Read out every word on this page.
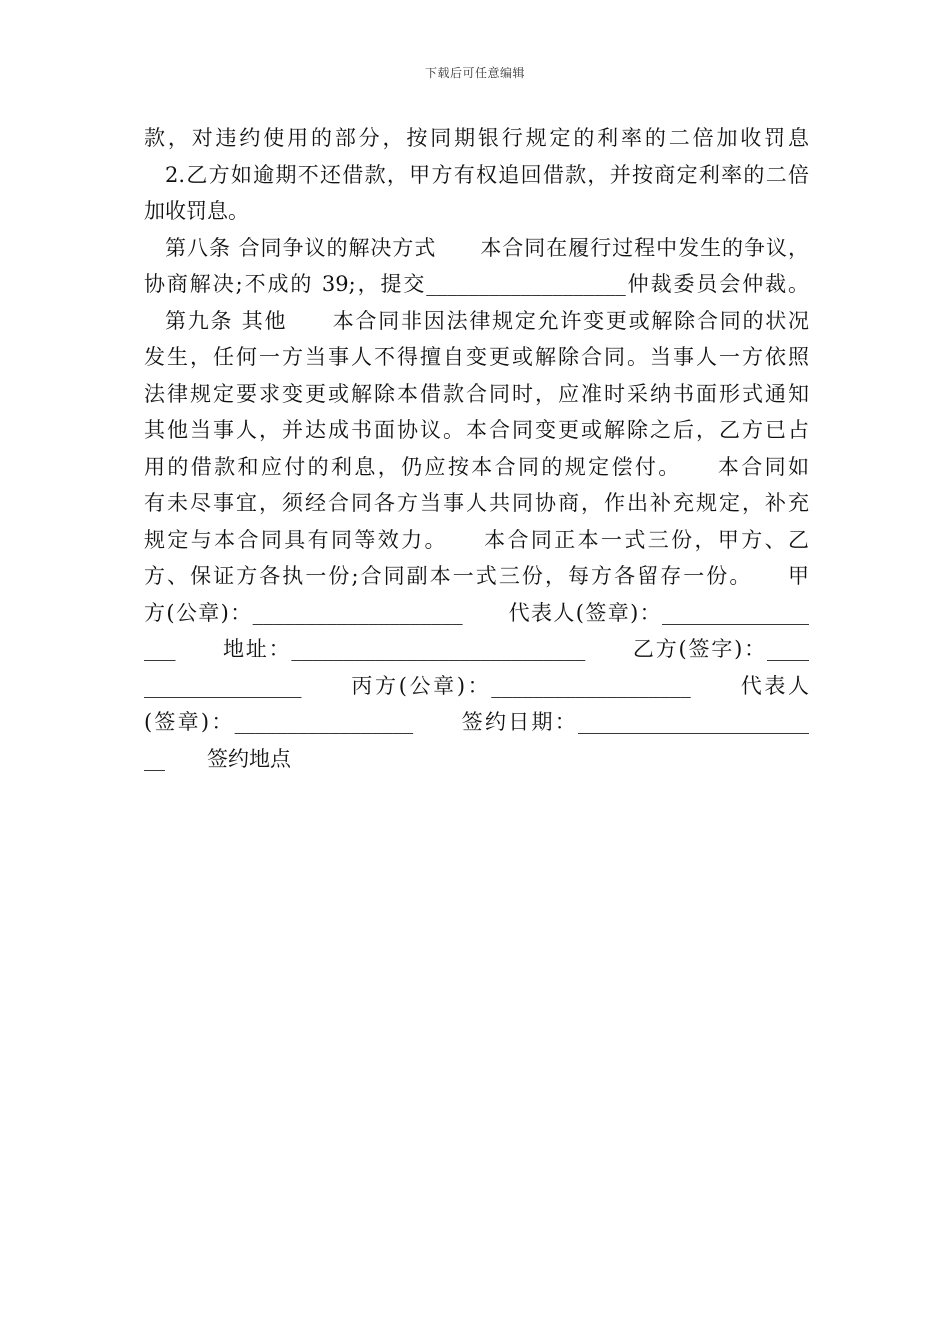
下载后可任意编辑
款，对违约使用的部分，按同期银行规定的利率的二倍加收罚息
2.乙方如逾期不还借款，甲方有权追回借款，并按商定利率的二倍
加收罚息。
第八条 合同争议的解决方式　　本合同在履行过程中发生的争议，
协商解决;不成的 39;，提交___________________仲裁委员会仲裁。
第九条 其他　　本合同非因法律规定允许变更或解除合同的状况
发生，任何一方当事人不得擅自变更或解除合同。当事人一方依照
法律规定要求变更或解除本借款合同时，应准时采纳书面形式通知
其他当事人，并达成书面协议。本合同变更或解除之后，乙方已占
用的借款和应付的利息，仍应按本合同的规定偿付。　　本合同如
有未尽事宜，须经合同各方当事人共同协商，作出补充规定，补充
规定与本合同具有同等效力。　　本合同正本一式三份，甲方、乙
方、保证方各执一份;合同副本一式三份，每方各留存一份。　　甲
方(公章)：____________________　　代表人(签章)：______________
___　　地址：____________________________　　乙方(签字)：____
_______________　　丙方(公章)：___________________　　代表人
(签章)：_________________　　签约日期：______________________
__　　签约地点
